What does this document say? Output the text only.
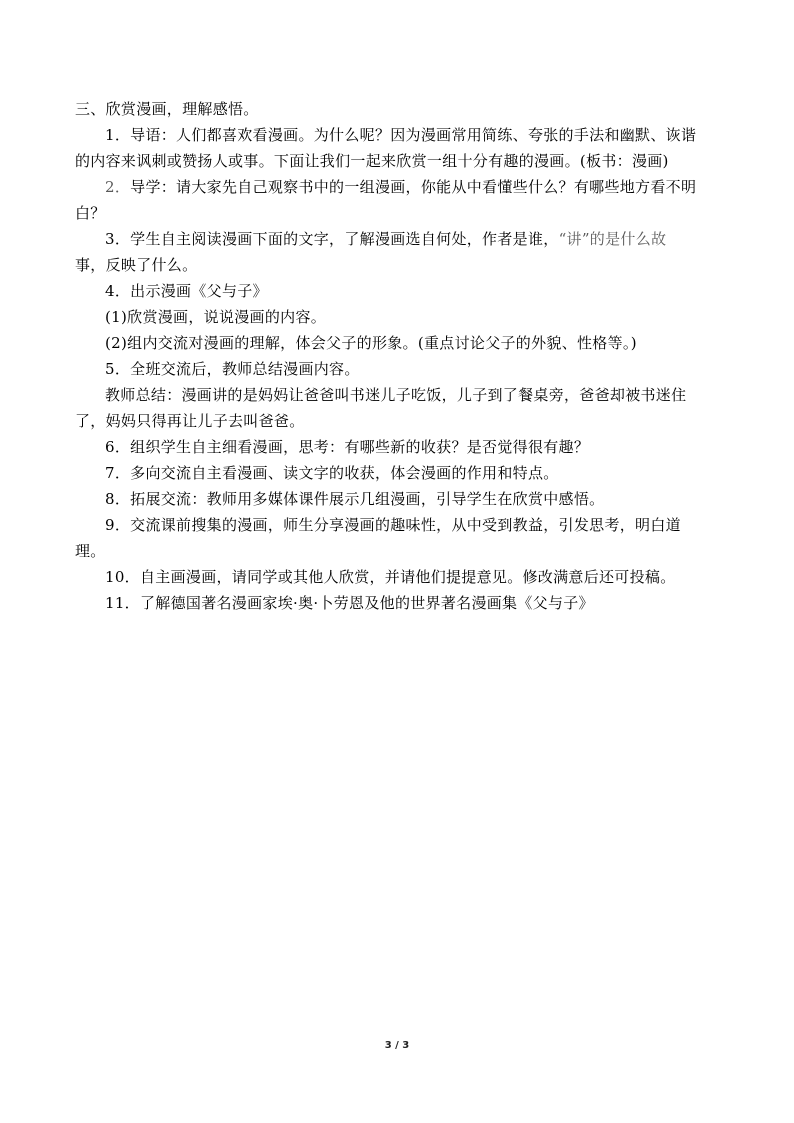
三、欣赏漫画，理解感悟。

1．导语：人们都喜欢看漫画。为什么呢？因为漫画常用简练、夸张的手法和幽默、诙谐

的内容来讽刺或赞扬人或事。下面让我们一起来欣赏一组十分有趣的漫画。(板书：漫画)

2．导学：请大家先自己观察书中的一组漫画，你能从中看懂些什么？有哪些地方看不明

白？

3．学生自主阅读漫画下面的文字，了解漫画选自何处，作者是谁，“讲”的是什么故

事，反映了什么。

4．出示漫画《父与子》

(1)欣赏漫画，说说漫画的内容。

(2)组内交流对漫画的理解，体会父子的形象。(重点讨论父子的外貌、性格等。)

5．全班交流后，教师总结漫画内容。

教师总结：漫画讲的是妈妈让爸爸叫书迷儿子吃饭，儿子到了餐桌旁，爸爸却被书迷住

了，妈妈只得再让儿子去叫爸爸。

6．组织学生自主细看漫画，思考：有哪些新的收获？是否觉得很有趣？

7．多向交流自主看漫画、读文字的收获，体会漫画的作用和特点。

8．拓展交流：教师用多媒体课件展示几组漫画，引导学生在欣赏中感悟。

9．交流课前搜集的漫画，师生分享漫画的趣味性，从中受到教益，引发思考，明白道

理。

10．自主画漫画，请同学或其他人欣赏，并请他们提提意见。修改满意后还可投稿。

11．了解德国著名漫画家埃·奥·卜劳恩及他的世界著名漫画集《父与子》

3 / 3
